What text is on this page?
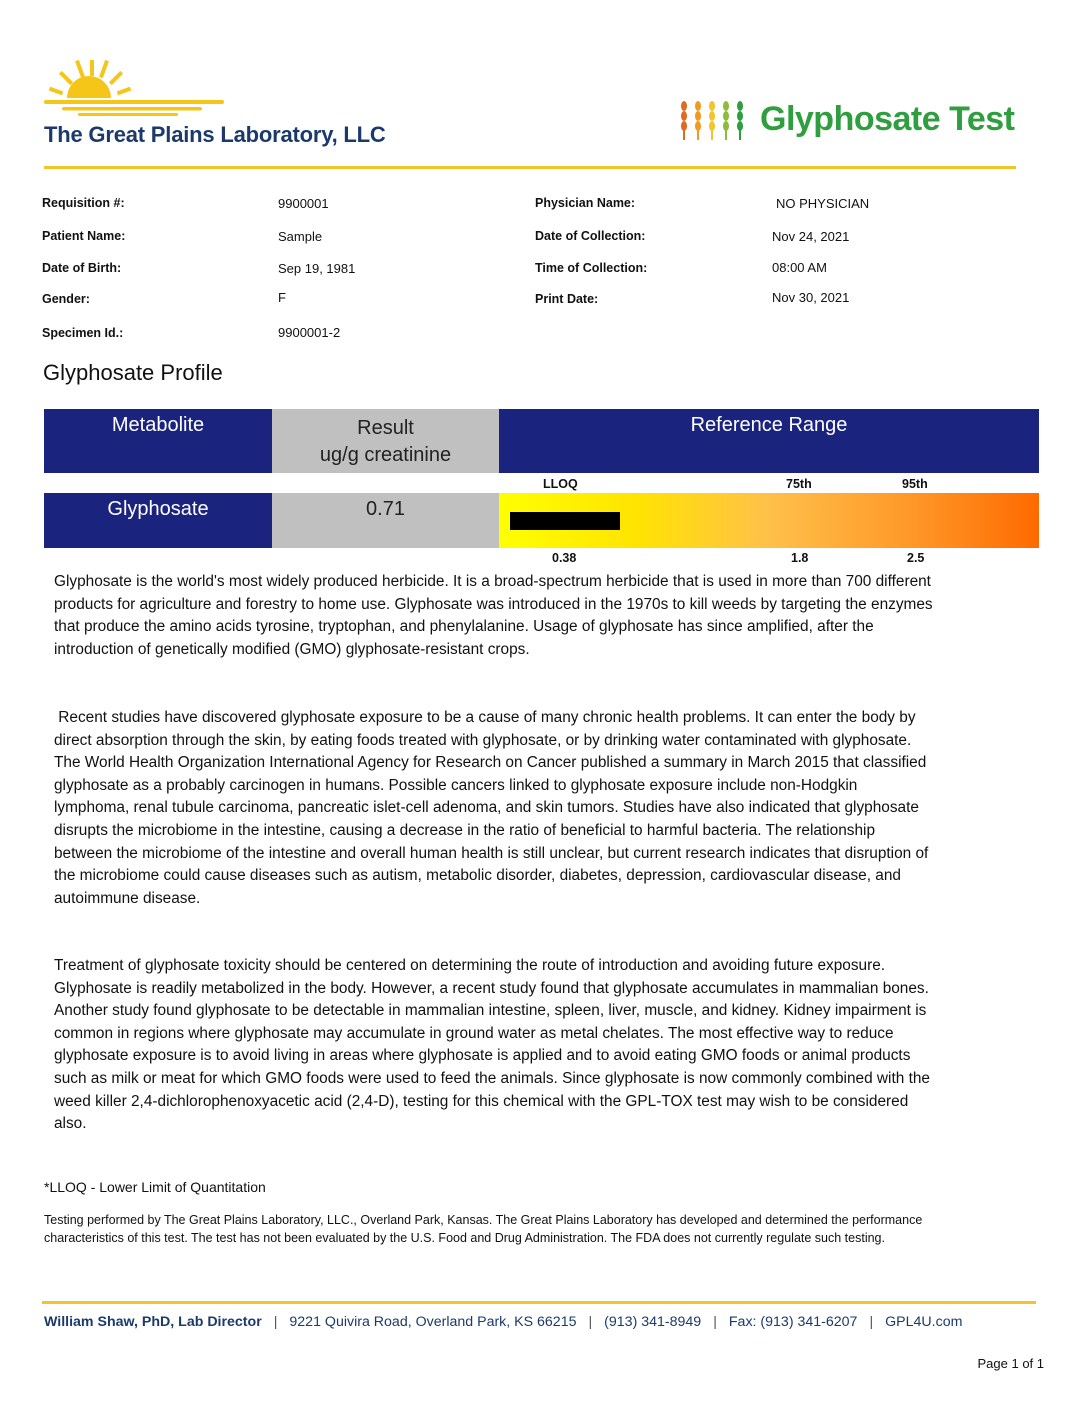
The Great Plains Laboratory, LLC	Glyphosate Test
Requisition #:	9900001
Patient Name:	Sample
Date of Birth:	Sep 19, 1981
Gender:	F
Specimen Id.:	9900001-2
Physician Name:	NO PHYSICIAN
Date of Collection:	Nov 24, 2021
Time of Collection:	08:00 AM
Print Date:	Nov 30, 2021
Glyphosate Profile
Metabolite	Result
ug/g creatinine
Reference Range
LLOQ	75th	95th
Glyphosate	0.71
0.38	1.8	2.5
Glyphosate is the world's most widely produced herbicide. It is a broad-spectrum herbicide that is used in more than 700 different products for agriculture and forestry to home use. Glyphosate was introduced in the 1970s to kill weeds by targeting the enzymes that produce the amino acids tyrosine, tryptophan, and phenylalanine. Usage of glyphosate has since amplified, after the introduction of genetically modified (GMO) glyphosate-resistant crops.
Recent studies have discovered glyphosate exposure to be a cause of many chronic health problems. It can enter the body by direct absorption through the skin, by eating foods treated with glyphosate, or by drinking water contaminated with glyphosate. The World Health Organization International Agency for Research on Cancer published a summary in March 2015 that classified glyphosate as a probably carcinogen in humans. Possible cancers linked to glyphosate exposure include non-Hodgkin lymphoma, renal tubule carcinoma, pancreatic islet-cell adenoma, and skin tumors. Studies have also indicated that glyphosate disrupts the microbiome in the intestine, causing a decrease in the ratio of beneficial to harmful bacteria. The relationship between the microbiome of the intestine and overall human health is still unclear, but current research indicates that disruption of the microbiome could cause diseases such as autism, metabolic disorder, diabetes, depression, cardiovascular disease, and autoimmune disease.
Treatment of glyphosate toxicity should be centered on determining the route of introduction and avoiding future exposure. Glyphosate is readily metabolized in the body. However, a recent study found that glyphosate accumulates in mammalian bones. Another study found glyphosate to be detectable in mammalian intestine, spleen, liver, muscle, and kidney. Kidney impairment is common in regions where glyphosate may accumulate in ground water as metal chelates. The most effective way to reduce glyphosate exposure is to avoid living in areas where glyphosate is applied and to avoid eating GMO foods or animal products such as milk or meat for which GMO foods were used to feed the animals. Since glyphosate is now commonly combined with the weed killer 2,4-dichlorophenoxyacetic acid (2,4-D), testing for this chemical with the GPL-TOX test may wish to be considered also.
*LLOQ - Lower Limit of Quantitation
Testing performed by The Great Plains Laboratory, LLC., Overland Park, Kansas. The Great Plains Laboratory has developed and determined the performance characteristics of this test. The test has not been evaluated by the U.S. Food and Drug Administration. The FDA does not currently regulate such testing.
William Shaw, PhD, Lab Director | 9221 Quivira Road, Overland Park, KS 66215 | (913) 341-8949 | Fax: (913) 341-6207 | GPL4U.com
Page 1 of 1
